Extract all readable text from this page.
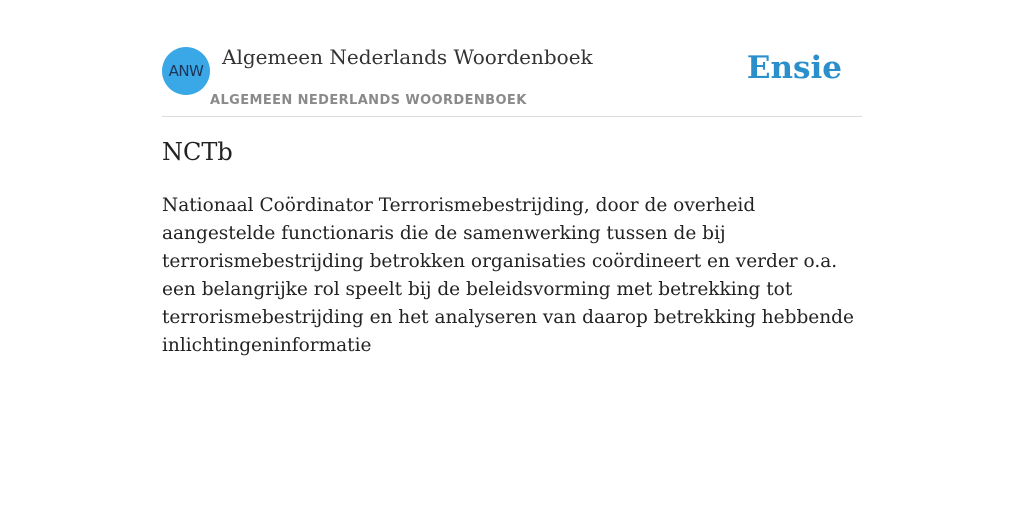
ANW
Algemeen Nederlands Woordenboek
ALGEMEEN NEDERLANDS WOORDENBOEK
Ensie
NCTb

Nationaal Coördinator Terrorismebestrijding, door de overheid aangestelde functionaris die de samenwerking tussen de bij terrorismebestrijding betrokken organisaties coördineert en verder o.a. een belangrijke rol speelt bij de beleidsvorming met betrekking tot terrorismebestrijding en het analyseren van daarop betrekking hebbende inlichtingeninformatie
